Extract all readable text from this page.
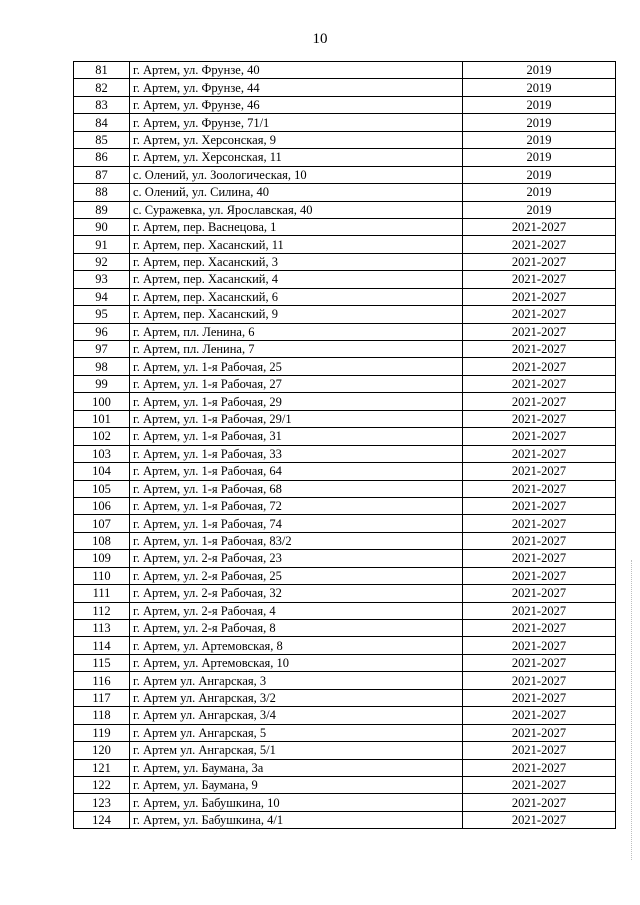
10
81	г. Артем, ул. Фрунзе, 40	2019
82	г. Артем, ул. Фрунзе, 44	2019
83	г. Артем, ул. Фрунзе, 46	2019
84	г. Артем, ул. Фрунзе, 71/1	2019
85	г. Артем, ул. Херсонская, 9	2019
86	г. Артем, ул. Херсонская, 11	2019
87	с. Олений, ул. Зоологическая, 10	2019
88	с. Олений, ул. Силина, 40	2019
89	с. Суражевка, ул. Ярославская, 40	2019
90	г. Артем, пер. Васнецова, 1	2021-2027
91	г. Артем, пер. Хасанский, 11	2021-2027
92	г. Артем, пер. Хасанский, 3	2021-2027
93	г. Артем, пер. Хасанский, 4	2021-2027
94	г. Артем, пер. Хасанский, 6	2021-2027
95	г. Артем, пер. Хасанский, 9	2021-2027
96	г. Артем, пл. Ленина, 6	2021-2027
97	г. Артем, пл. Ленина, 7	2021-2027
98	г. Артем, ул. 1-я Рабочая, 25	2021-2027
99	г. Артем, ул. 1-я Рабочая, 27	2021-2027
100	г. Артем, ул. 1-я Рабочая, 29	2021-2027
101	г. Артем, ул. 1-я Рабочая, 29/1	2021-2027
102	г. Артем, ул. 1-я Рабочая, 31	2021-2027
103	г. Артем, ул. 1-я Рабочая, 33	2021-2027
104	г. Артем, ул. 1-я Рабочая, 64	2021-2027
105	г. Артем, ул. 1-я Рабочая, 68	2021-2027
106	г. Артем, ул. 1-я Рабочая, 72	2021-2027
107	г. Артем, ул. 1-я Рабочая, 74	2021-2027
108	г. Артем, ул. 1-я Рабочая, 83/2	2021-2027
109	г. Артем, ул. 2-я Рабочая, 23	2021-2027
110	г. Артем, ул. 2-я Рабочая, 25	2021-2027
111	г. Артем, ул. 2-я Рабочая, 32	2021-2027
112	г. Артем, ул. 2-я Рабочая, 4	2021-2027
113	г. Артем, ул. 2-я Рабочая, 8	2021-2027
114	г. Артем, ул. Артемовская, 8	2021-2027
115	г. Артем, ул. Артемовская, 10	2021-2027
116	г. Артем ул. Ангарская, 3	2021-2027
117	г. Артем ул. Ангарская, 3/2	2021-2027
118	г. Артем ул. Ангарская, 3/4	2021-2027
119	г. Артем ул. Ангарская, 5	2021-2027
120	г. Артем ул. Ангарская, 5/1	2021-2027
121	г. Артем, ул. Баумана, 3а	2021-2027
122	г. Артем, ул. Баумана, 9	2021-2027
123	г. Артем, ул. Бабушкина, 10	2021-2027
124	г. Артем, ул. Бабушкина, 4/1	2021-2027
